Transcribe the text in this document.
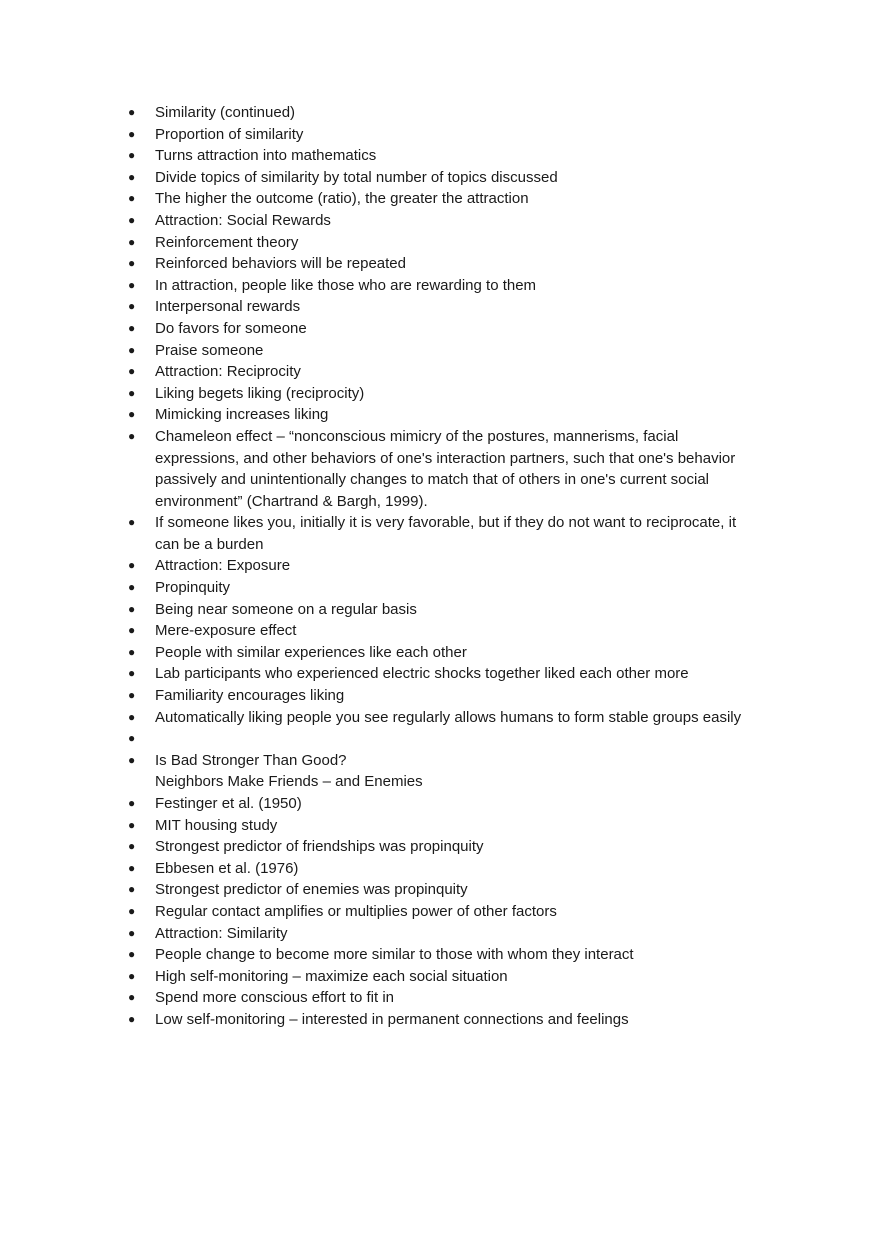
●	Similarity (continued)
●	Proportion of similarity
●	Turns attraction into mathematics
●	Divide topics of similarity by total number of topics discussed
●	The higher the outcome (ratio), the greater the attraction
●	Attraction: Social Rewards
●	Reinforcement theory
●	Reinforced behaviors will be repeated
●	In attraction, people like those who are rewarding to them
●	Interpersonal rewards
●	Do favors for someone
●	Praise someone
●	Attraction: Reciprocity
●	Liking begets liking (reciprocity)
●	Mimicking increases liking
●	Chameleon effect – “nonconscious mimicry of the postures, mannerisms, facial
expressions, and other behaviors of one's interaction partners, such that one's behavior
passively and unintentionally changes to match that of others in one's current social
environment” (Chartrand & Bargh, 1999).
●	If someone likes you, initially it is very favorable, but if they do not want to reciprocate, it
can be a burden
●	Attraction: Exposure
●	Propinquity
●	Being near someone on a regular basis
●	Mere-exposure effect
●	People with similar experiences like each other
●	Lab participants who experienced electric shocks together liked each other more
●	Familiarity encourages liking
●	Automatically liking people you see regularly allows humans to form stable groups easily
●
●	Is Bad Stronger Than Good?
Neighbors Make Friends – and Enemies
●	Festinger et al. (1950)
●	MIT housing study
●	Strongest predictor of friendships was propinquity
●	Ebbesen et al. (1976)
●	Strongest predictor of enemies was propinquity
●	Regular contact amplifies or multiplies power of other factors
●	Attraction: Similarity
●	People change to become more similar to those with whom they interact
●	High self-monitoring – maximize each social situation
●	Spend more conscious effort to fit in
●	Low self-monitoring – interested in permanent connections and feelings
